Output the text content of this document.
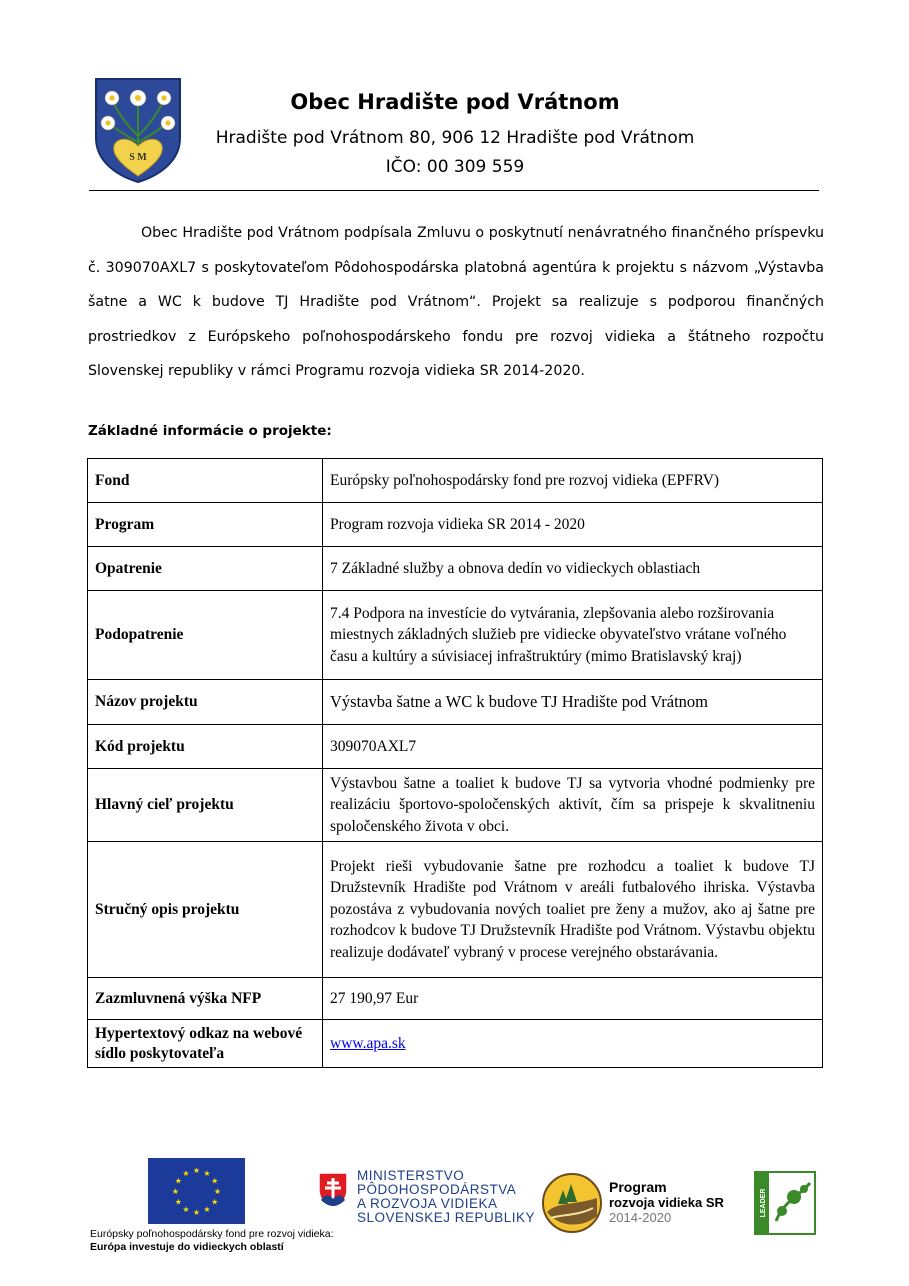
S M
Obec Hradište pod Vrátnom
Hradište pod Vrátnom 80, 906 12 Hradište pod Vrátnom
IČO: 00 309 559

Obec Hradište pod Vrátnom podpísala Zmluvu o poskytnutí nenávratného finančného príspevku č. 309070AXL7 s poskytovateľom Pôdohospodárska platobná agentúra k projektu s názvom „Výstavba šatne a WC k budove TJ Hradište pod Vrátnom“. Projekt sa realizuje s podporou finančných prostriedkov z Európskeho poľnohospodárskeho fondu pre rozvoj vidieka a štátneho rozpočtu Slovenskej republiky v rámci Programu rozvoja vidieka SR 2014-2020.

Základné informácie o projekte:
Fond	Európsky poľnohospodársky fond pre rozvoj vidieka (EPFRV)
Program	Program rozvoja vidieka SR 2014 - 2020
Opatrenie	7 Základné služby a obnova dedín vo vidieckych oblastiach
Podopatrenie	7.4 Podpora na investície do vytvárania, zlepšovania alebo rozširovania miestnych základných služieb pre vidiecke obyvateľstvo vrátane voľného času a kultúry a súvisiacej infraštruktúry (mimo Bratislavský kraj)
Názov projektu	Výstavba šatne a WC k budove TJ Hradište pod Vrátnom
Kód projektu	309070AXL7
Hlavný cieľ projektu	Výstavbou šatne a toaliet k budove TJ sa vytvoria vhodné podmienky pre realizáciu športovo-spoločenských aktivít, čím sa prispeje k skvalitneniu spoločenského života v obci.
Stručný opis projektu	Projekt rieši vybudovanie šatne pre rozhodcu a toaliet k budove TJ Družstevník Hradište pod Vrátnom v areáli futbalového ihriska. Výstavba pozostáva z vybudovania nových toaliet pre ženy a mužov, ako aj šatne pre rozhodcov k budove TJ Družstevník Hradište pod Vrátnom. Výstavbu objektu realizuje dodávateľ vybraný v procese verejného obstarávania.
Zazmluvnená výška NFP	27 190,97 Eur
Hypertextový odkaz na webové sídlo poskytovateľa	www.apa.sk
★ ★
★
★
★
★
★
★
★
★
★
★
Európsky poľnohospodársky fond pre rozvoj vidieka:
Európa investuje do vidieckych oblastí
MINISTERSTVO
PÔDOHOSPODÁRSTVA
A ROZVOJA VIDIEKA
SLOVENSKEJ REPUBLIKY
Program
rozvoja vidieka SR
2014-2020
LEADER
